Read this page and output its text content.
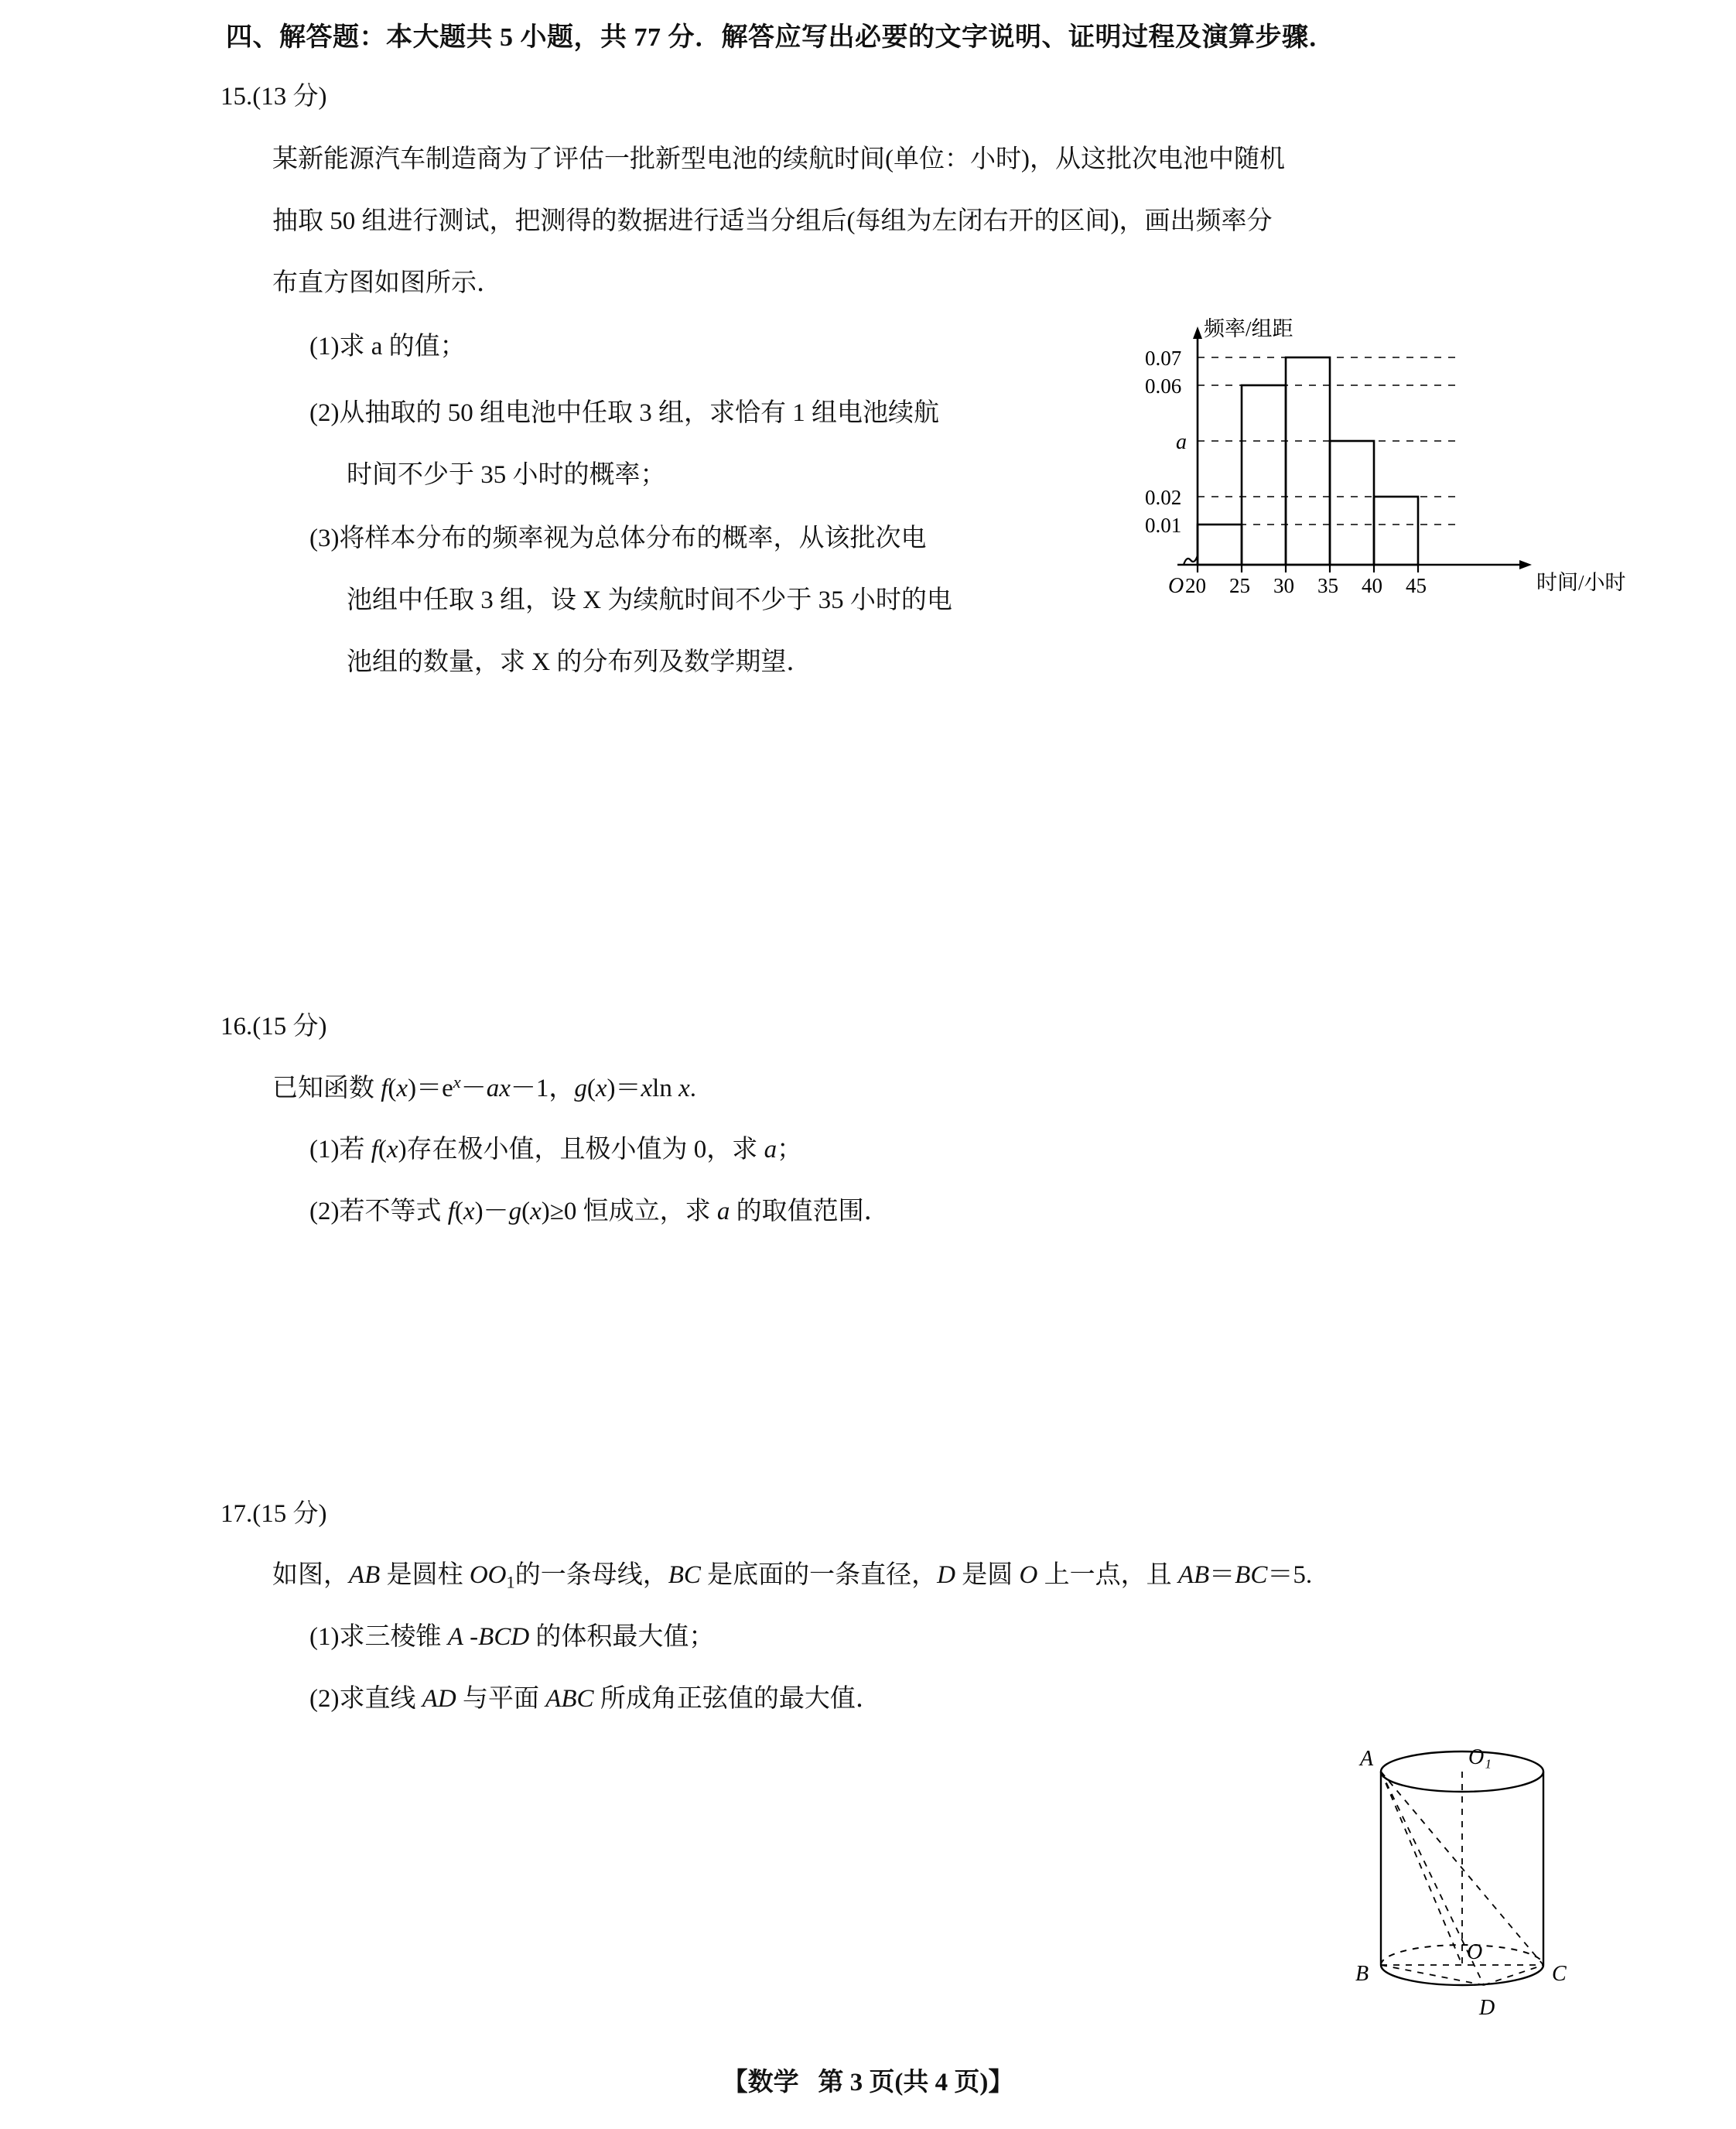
四、解答题：本大题共 5 小题，共 77 分．解答应写出必要的文字说明、证明过程及演算步骤．
15.(13 分)
某新能源汽车制造商为了评估一批新型电池的续航时间(单位：小时)，从这批次电池中随机
抽取 50 组进行测试，把测得的数据进行适当分组后(每组为左闭右开的区间)，画出频率分
布直方图如图所示．
(1)求 a 的值；
(2)从抽取的 50 组电池中任取 3 组，求恰有 1 组电池续航
时间不少于 35 小时的概率；
(3)将样本分布的频率视为总体分布的概率，从该批次电
池组中任取 3 组，设 X 为续航时间不少于 35 小时的电
池组的数量，求 X 的分布列及数学期望．
频率/组距
时间/小时
O
0.07
0.06
a
0.02
0.01
20 25 30 35 40 45
16.(15 分)
已知函数 $f(x)=e^x-ax-1$，g(x)＝xln x.
(1)若 f(x)存在极小值，且极小值为 0，求 a；
(2)若不等式 f(x)－g(x)≥0 恒成立，求 a 的取值范围．
17.(15 分)
如图，AB 是圆柱 $OO_1$的一条母线，BC 是底面的一条直径，D 是圆 O 上一点，且 AB＝BC＝5.
(1)求三棱锥 A -BCD 的体积最大值；
(2)求直线 AD 与平面 ABC 所成角正弦值的最大值．
A	O₁
B
O
C
D
【数学 第 3 页(共 4 页)】
